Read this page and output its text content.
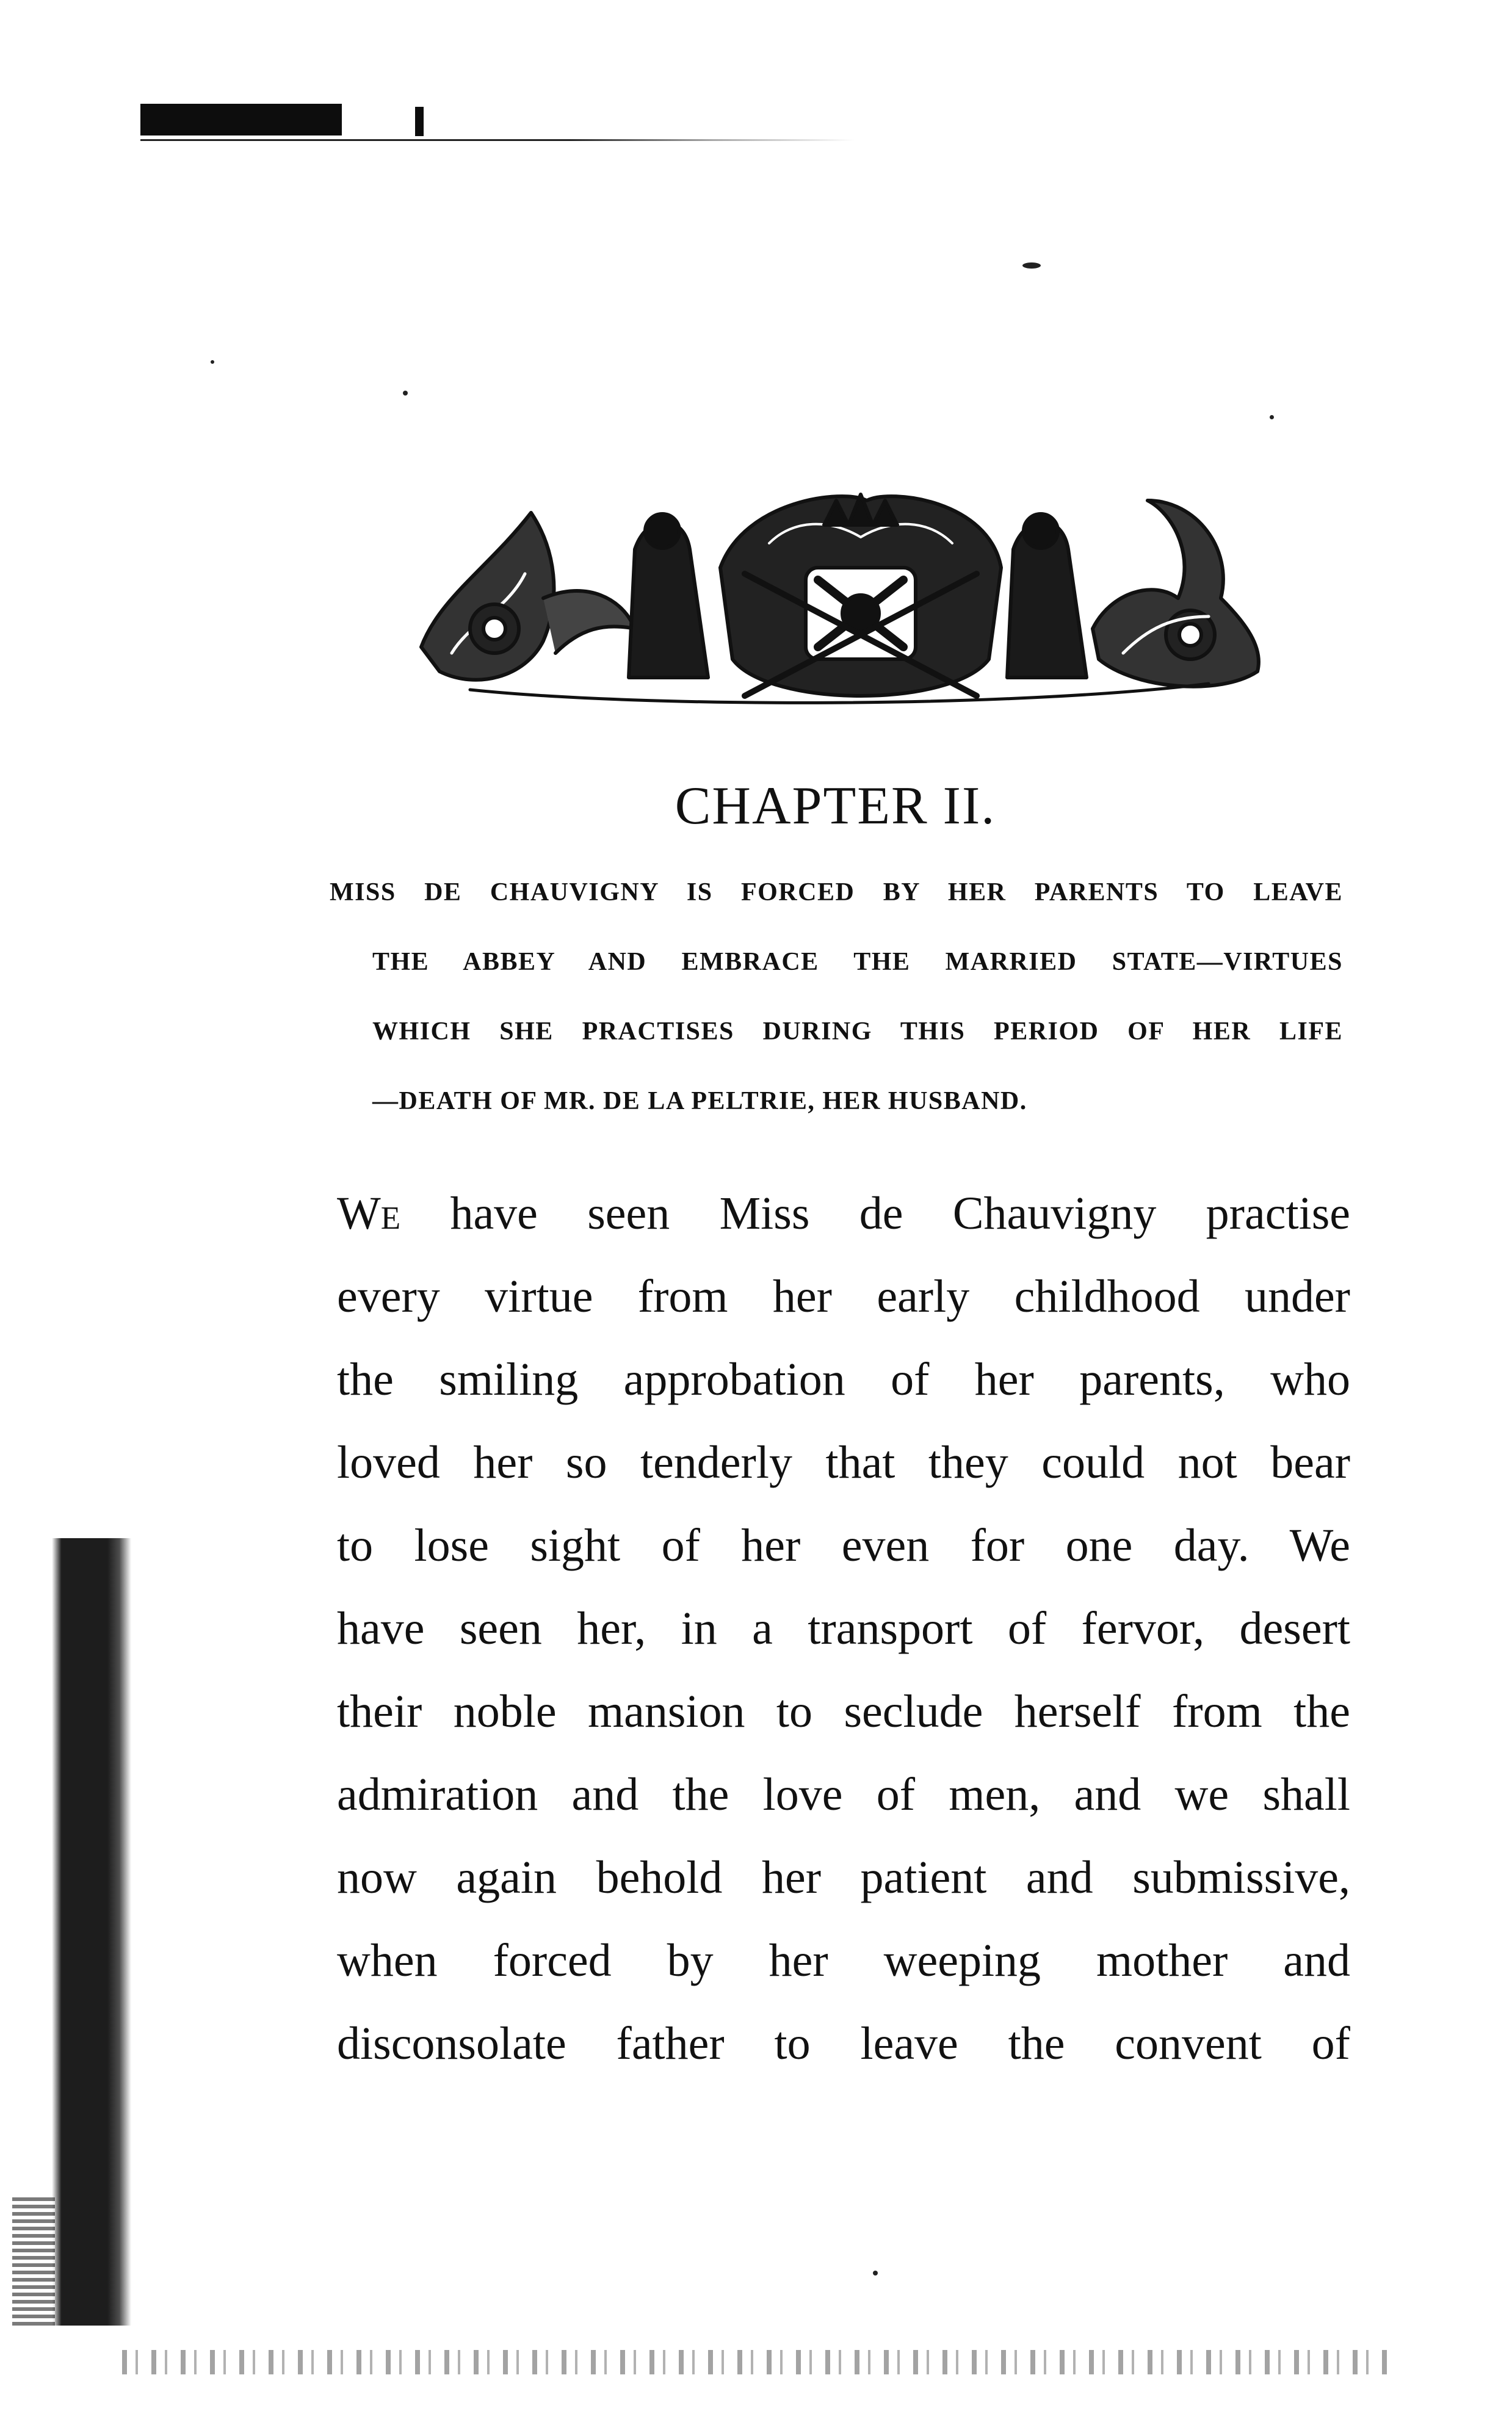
CHAPTER II.
MISS DE CHAUVIGNY IS FORCED BY HER PARENTS TO LEAVE
THE ABBEY AND EMBRACE THE MARRIED STATE—VIRTUES
WHICH SHE PRACTISES DURING THIS PERIOD OF HER LIFE
—DEATH OF MR. DE LA PELTRIE, HER HUSBAND.
We have seen Miss de Chauvigny practise
every virtue from her early childhood under
the smiling approbation of her parents, who
loved her so tenderly that they could not bear
to lose sight of her even for one day. We
have seen her, in a transport of fervor, desert
their noble mansion to seclude herself from the
admiration and the love of men, and we shall
now again behold her patient and submissive,
when forced by her weeping mother and
disconsolate father to leave the convent of
